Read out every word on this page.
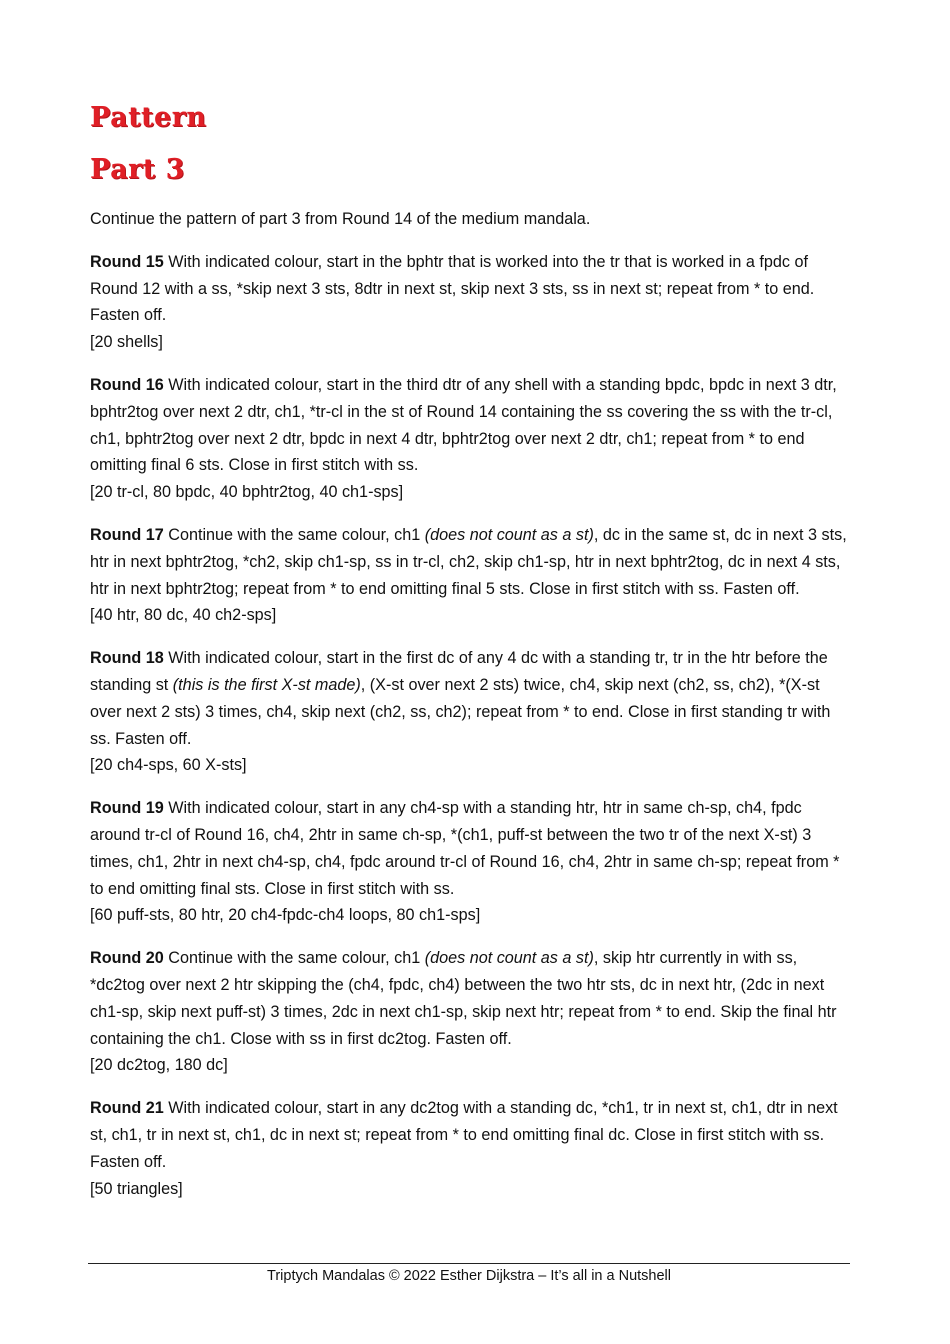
Pattern
Part 3

Continue the pattern of part 3 from Round 14 of the medium mandala.

Round 15 With indicated colour, start in the bphtr that is worked into the tr that is worked in a fpdc of Round 12 with a ss, *skip next 3 sts, 8dtr in next st, skip next 3 sts, ss in next st; repeat from * to end. Fasten off.
[20 shells]

Round 16 With indicated colour, start in the third dtr of any shell with a standing bpdc, bpdc in next 3 dtr, bphtr2tog over next 2 dtr, ch1, *tr-cl in the st of Round 14 containing the ss covering the ss with the tr-cl, ch1, bphtr2tog over next 2 dtr, bpdc in next 4 dtr, bphtr2tog over next 2 dtr, ch1; repeat from * to end omitting final 6 sts. Close in first stitch with ss.
[20 tr-cl, 80 bpdc, 40 bphtr2tog, 40 ch1-sps]

Round 17 Continue with the same colour, ch1 (does not count as a st), dc in the same st, dc in next 3 sts, htr in next bphtr2tog, *ch2, skip ch1-sp, ss in tr-cl, ch2, skip ch1-sp, htr in next bphtr2tog, dc in next 4 sts, htr in next bphtr2tog; repeat from * to end omitting final 5 sts. Close in first stitch with ss. Fasten off.
[40 htr, 80 dc, 40 ch2-sps]

Round 18 With indicated colour, start in the first dc of any 4 dc with a standing tr, tr in the htr before the standing st (this is the first X-st made), (X-st over next 2 sts) twice, ch4, skip next (ch2, ss, ch2), *(X-st over next 2 sts) 3 times, ch4, skip next (ch2, ss, ch2); repeat from * to end. Close in first standing tr with ss. Fasten off.
[20 ch4-sps, 60 X-sts]

Round 19 With indicated colour, start in any ch4-sp with a standing htr, htr in same ch-sp, ch4, fpdc around tr-cl of Round 16, ch4, 2htr in same ch-sp, *(ch1, puff-st between the two tr of the next X-st) 3 times, ch1, 2htr in next ch4-sp, ch4, fpdc around tr-cl of Round 16, ch4, 2htr in same ch-sp; repeat from * to end omitting final sts. Close in first stitch with ss.
[60 puff-sts, 80 htr, 20 ch4-fpdc-ch4 loops, 80 ch1-sps]

Round 20 Continue with the same colour, ch1 (does not count as a st), skip htr currently in with ss, *dc2tog over next 2 htr skipping the (ch4, fpdc, ch4) between the two htr sts, dc in next htr, (2dc in next ch1-sp, skip next puff-st) 3 times, 2dc in next ch1-sp, skip next htr; repeat from * to end. Skip the final htr containing the ch1. Close with ss in first dc2tog. Fasten off.
[20 dc2tog, 180 dc]

Round 21 With indicated colour, start in any dc2tog with a standing dc, *ch1, tr in next st, ch1, dtr in next st, ch1, tr in next st, ch1, dc in next st; repeat from * to end omitting final dc. Close in first stitch with ss. Fasten off.
[50 triangles]

Triptych Mandalas © 2022 Esther Dijkstra – It’s all in a Nutshell
